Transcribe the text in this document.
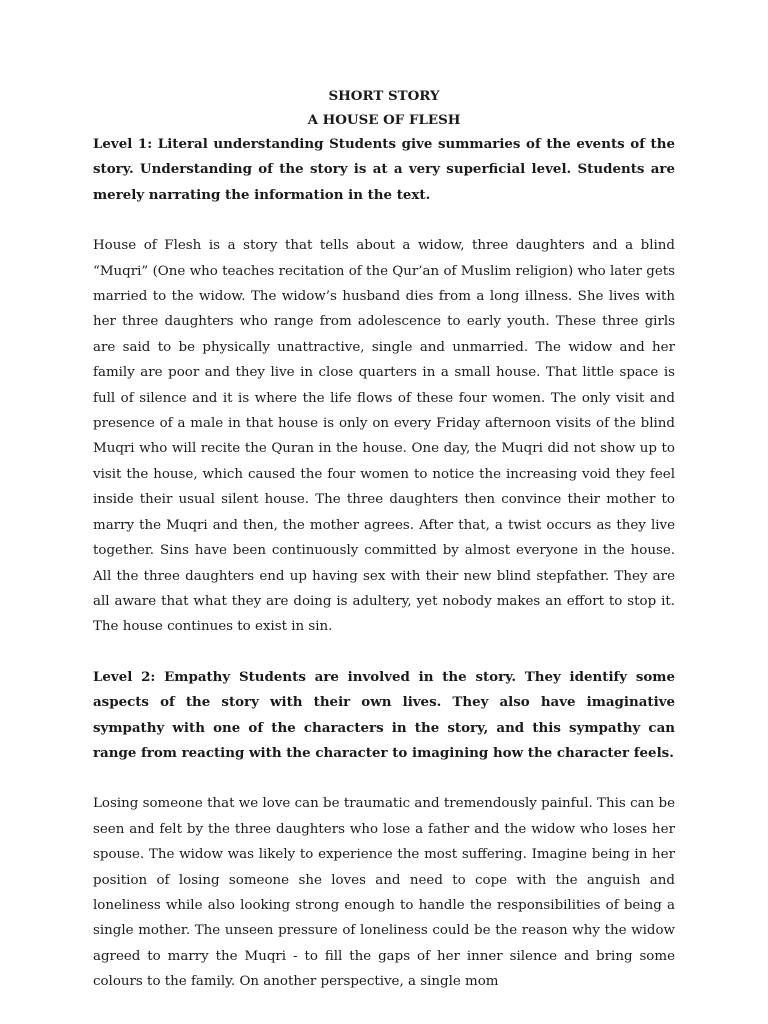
SHORT STORY

A HOUSE OF FLESH

Level 1: Literal understanding Students give summaries of the events of the story. Understanding of the story is at a very superficial level. Students are merely narrating the information in the text.

House of Flesh is a story that tells about a widow, three daughters and a blind “Muqri” (One who teaches recitation of the Qur’an of Muslim religion) who later gets married to the widow. The widow’s husband dies from a long illness. She lives with her three daughters who range from adolescence to early youth. These three girls are said to be physically unattractive, single and unmarried. The widow and her family are poor and they live in close quarters in a small house. That little space is full of silence and it is where the life flows of these four women. The only visit and presence of a male in that house is only on every Friday afternoon visits of the blind Muqri who will recite the Quran in the house. One day, the Muqri did not show up to visit the house, which caused the four women to notice the increasing void they feel inside their usual silent house. The three daughters then convince their mother to marry the Muqri and then, the mother agrees. After that, a twist occurs as they live together. Sins have been continuously committed by almost everyone in the house. All the three daughters end up having sex with their new blind stepfather. They are all aware that what they are doing is adultery, yet nobody makes an effort to stop it. The house continues to exist in sin.

Level 2: Empathy Students are involved in the story. They identify some aspects of the story with their own lives. They also have imaginative sympathy with one of the characters in the story, and this sympathy can range from reacting with the character to imagining how the character feels.

Losing someone that we love can be traumatic and tremendously painful. This can be seen and felt by the three daughters who lose a father and the widow who loses her spouse. The widow was likely to experience the most suffering. Imagine being in her position of losing someone she loves and need to cope with the anguish and loneliness while also looking strong enough to handle the responsibilities of being a single mother. The unseen pressure of loneliness could be the reason why the widow agreed to marry the Muqri - to fill the gaps of her inner silence and bring some colours to the family. On another perspective, a single mom
